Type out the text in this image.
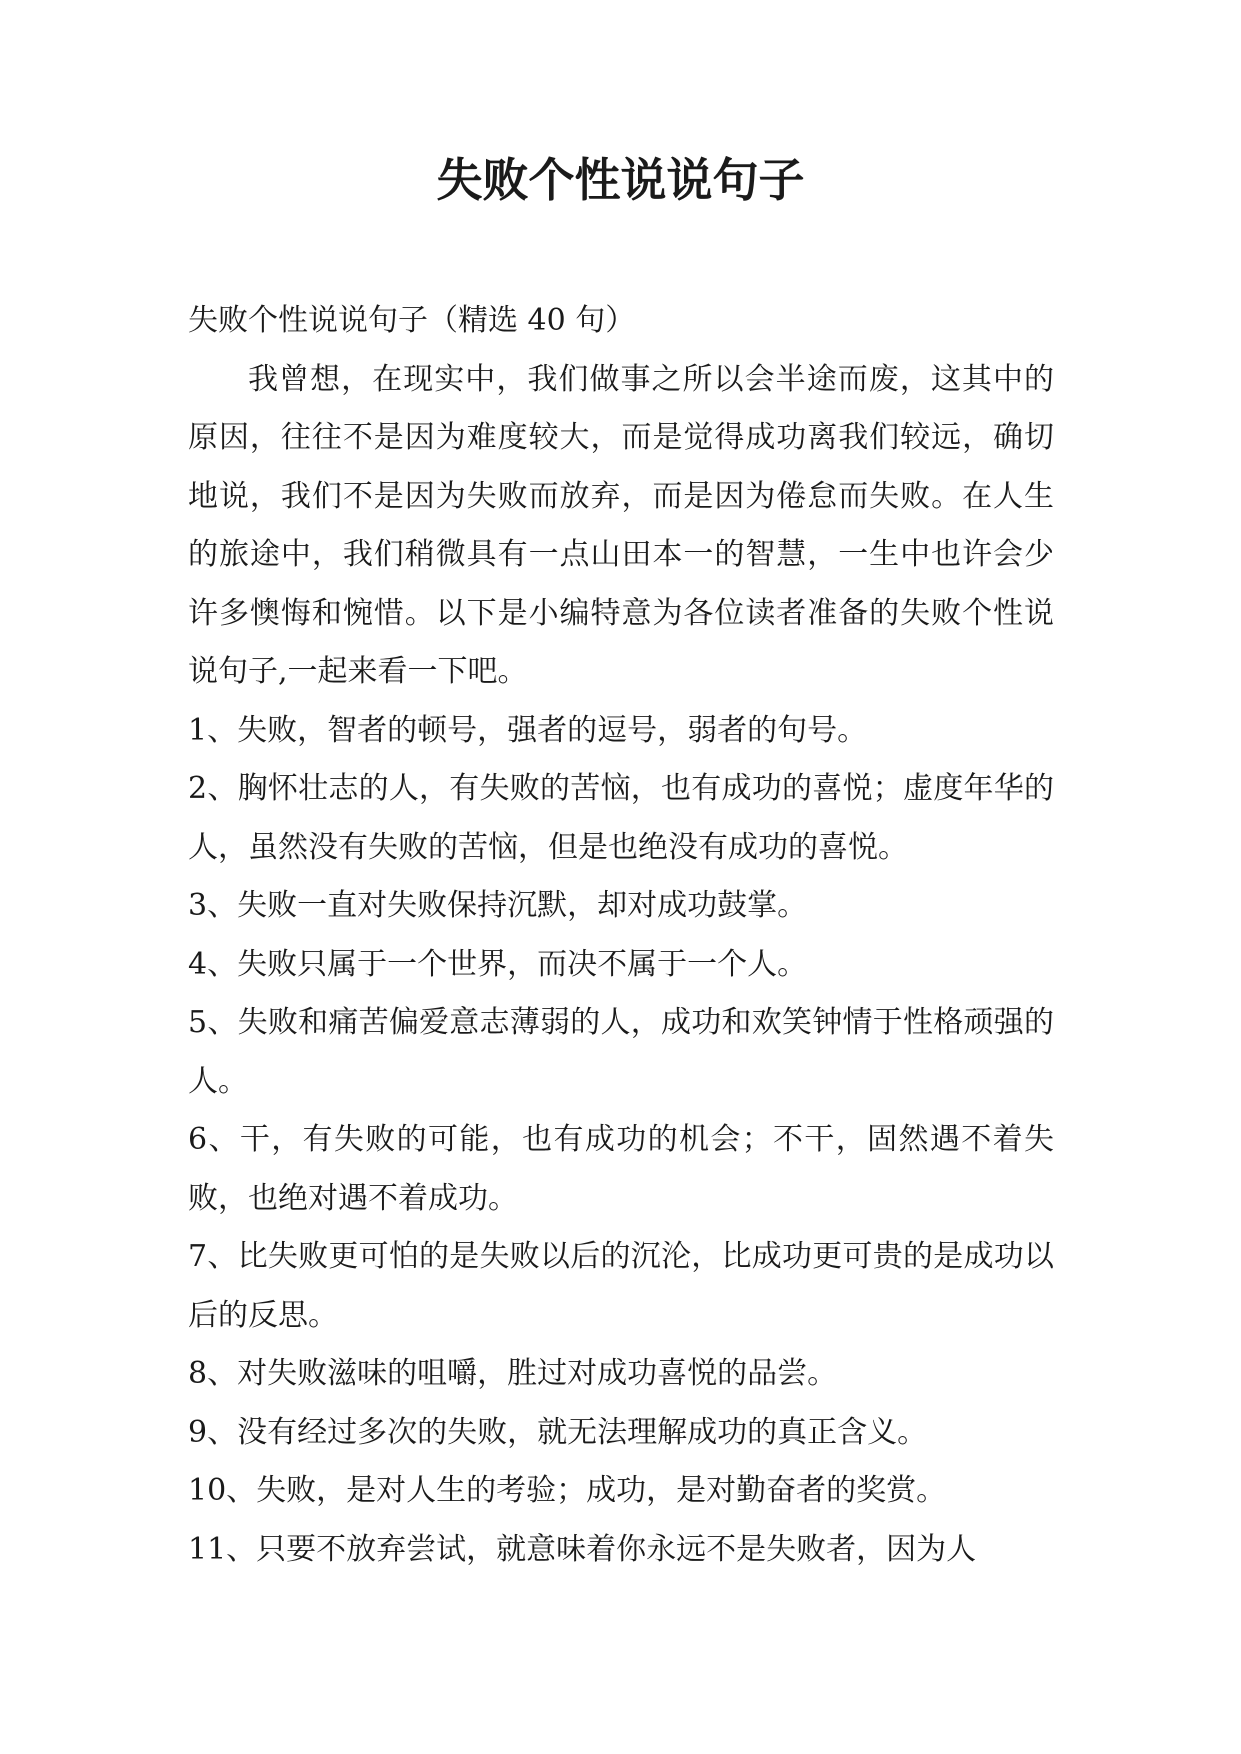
失败个性说说句子

失败个性说说句子（精选 40 句）

我曾想，在现实中，我们做事之所以会半途而废，这其中的原因，往往不是因为难度较大，而是觉得成功离我们较远，确切地说，我们不是因为失败而放弃，而是因为倦怠而失败。在人生的旅途中，我们稍微具有一点山田本一的智慧，一生中也许会少许多懊悔和惋惜。以下是小编特意为各位读者准备的失败个性说说句子,一起来看一下吧。

1、失败，智者的顿号，强者的逗号，弱者的句号。

2、胸怀壮志的人，有失败的苦恼，也有成功的喜悦；虚度年华的人，虽然没有失败的苦恼，但是也绝没有成功的喜悦。

3、失败一直对失败保持沉默，却对成功鼓掌。

4、失败只属于一个世界，而决不属于一个人。

5、失败和痛苦偏爱意志薄弱的人，成功和欢笑钟情于性格顽强的人。

6、干，有失败的可能，也有成功的机会；不干，固然遇不着失败，也绝对遇不着成功。

7、比失败更可怕的是失败以后的沉沦，比成功更可贵的是成功以后的反思。

8、对失败滋味的咀嚼，胜过对成功喜悦的品尝。

9、没有经过多次的失败，就无法理解成功的真正含义。

10、失败，是对人生的考验；成功，是对勤奋者的奖赏。

11、只要不放弃尝试，就意味着你永远不是失败者，因为人
